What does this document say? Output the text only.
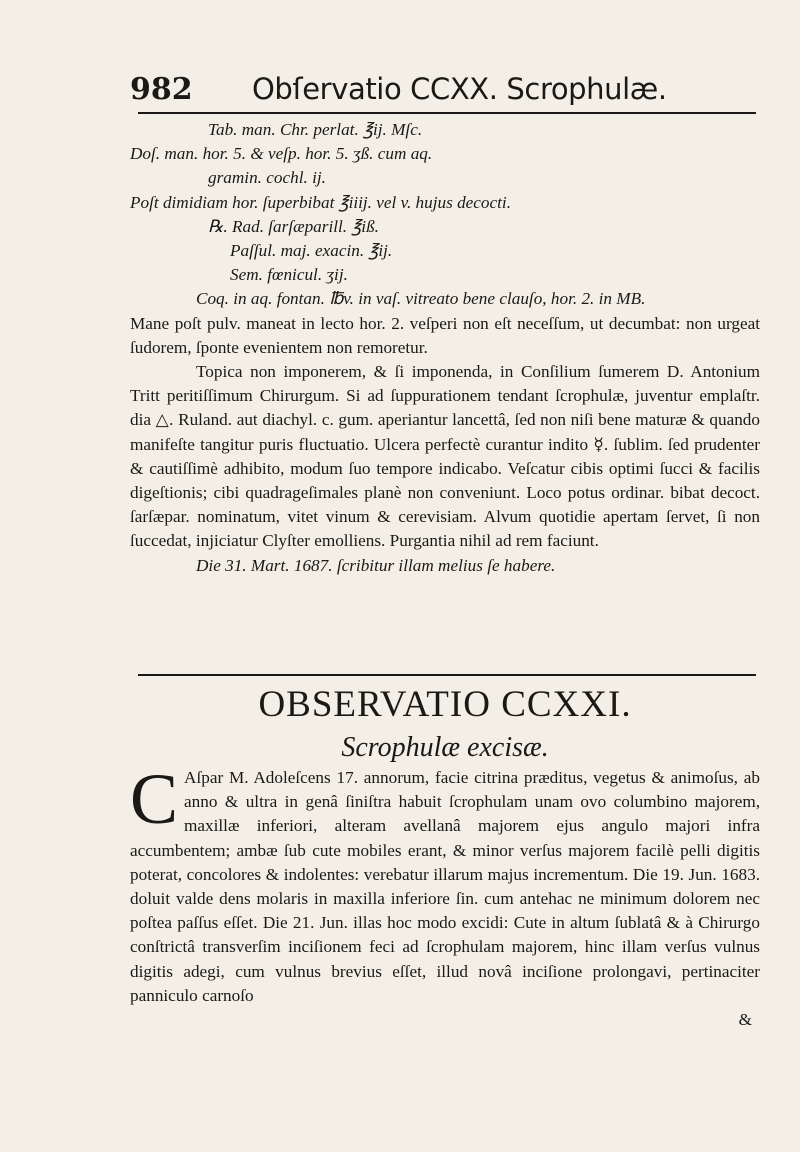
982	Obſervatio CCXX. Scrophulæ.

Tab. man. Chr. perlat. ℥ij. Mſc.

Doſ. man. hor. 5. & veſp. hor. 5. ʒß. cum aq.

gramin. cochl. ij.

Poſt dimidiam hor. ſuperbibat ℥iiij. vel v. hujus decocti.

℞. Rad. ſarſæparill. ℥iß.

Paſſul. maj. exacin. ℥ij.

Sem. fœnicul. ʒij.

Coq. in aq. fontan. ℔v. in vaſ. vitreato bene clauſo, hor. 2. in MB.

Mane poſt pulv. maneat in lecto hor. 2. veſperi non eſt neceſſum, ut decumbat: non urgeat ſudorem, ſponte evenientem non remoretur.

Topica non imponerem, & ſi imponenda, in Conſilium ſumerem D. Antonium Tritt peritiſſimum Chirurgum. Si ad ſuppurationem tendant ſcrophulæ, juventur emplaſtr. dia △. Ruland. aut diachyl. c. gum. aperiantur lancettâ, ſed non niſi bene maturæ & quando manifeſte tangitur puris fluctuatio. Ulcera perfectè curantur indito ☿. ſublim. ſed prudenter & cautiſſimè adhibito, modum ſuo tempore indicabo. Veſcatur cibis optimi ſucci & facilis digeſtionis; cibi quadrageſimales planè non conveniunt. Loco potus ordinar. bibat decoct. ſarſæpar. nominatum, vitet vinum & cerevisiam. Alvum quotidie apertam ſervet, ſi non ſuccedat, injiciatur Clyſter emolliens. Purgantia nihil ad rem faciunt.

Die 31. Mart. 1687. ſcribitur illam melius ſe habere.

OBSERVATIO CCXXI.
Scrophulæ excisæ.
C Aſpar M. Adoleſcens 17. annorum, facie citrina præditus, vegetus & animoſus, ab anno & ultra in genâ ſiniſtra habuit ſcrophulam unam ovo columbino majorem, maxillæ inferiori, alteram avellanâ majorem ejus angulo majori infra accumbentem; ambæ ſub cute mobiles erant, & minor verſus majorem facilè pelli digitis poterat, concolores & indolentes: verebatur illarum majus incrementum. Die 19. Jun. 1683. doluit valde dens molaris in maxilla inferiore ſin. cum antehac ne minimum dolorem nec poſtea paſſus eſſet. Die 21. Jun. illas hoc modo excidi: Cute in altum ſublatâ & à Chirurgo conſtrictâ transverſim inciſionem feci ad ſcrophulam majorem, hinc illam verſus vulnus digitis adegi, cum vulnus brevius eſſet, illud novâ inciſione prolongavi, pertinaciter panniculo carnoſo
&
